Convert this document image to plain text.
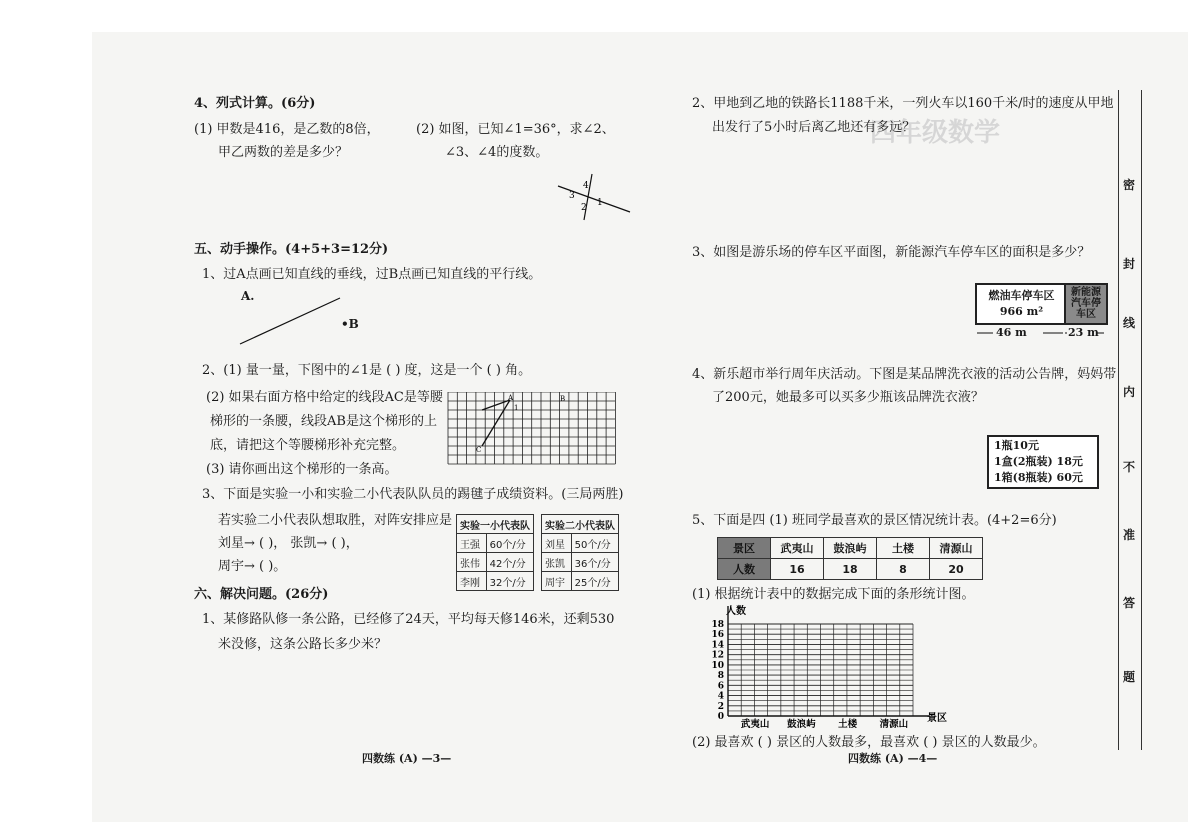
4、列式计算。(6分)
(1) 甲数是416，是乙数的8倍，
甲乙两数的差是多少？
(2) 如图，已知∠1=36°，求∠2、
∠3、∠4的度数。
4
3
2 1
五、动手操作。(4+5+3=12分)
1、过A点画已知直线的垂线，过B点画已知直线的平行线。
A.
•B
2、(1) 量一量，下图中的∠1是 ( ) 度，这是一个 ( ) 角。
(2) 如果右面方格中给定的线段AC是等腰
梯形的一条腰，线段AB是这个梯形的上
底，请把这个等腰梯形补充完整。
(3) 请你画出这个梯形的一条高。
A	B
C
1
3、下面是实验一小和实验二小代表队队员的踢毽子成绩资料。(三局两胜)
若实验二小代表队想取胜，对阵安排应是
刘星→ ( )， 张凯→ ( )，
周宇→ ( )。
实验一小代表队	
王强	60个/分
张伟	42个/分
李刚	32个/分
实验二小代表队	
刘星	50个/分
张凯	36个/分
周宇	25个/分
六、解决问题。(26分)
1、某修路队修一条公路，已经修了24天，平均每天修146米，还剩530
米没修，这条公路长多少米？
四数练 (A) —3—
四年级数学
2、甲地到乙地的铁路长1188千米，一列火车以160千米/时的速度从甲地
出发行了5小时后离乙地还有多远？
3、如图是游乐场的停车区平面图，新能源汽车停车区的面积是多少？
燃油车停车区
966 m²
新能源汽车停车区
46 m	23 m
4、新乐超市举行周年庆活动。下图是某品牌洗衣液的活动公告牌，妈妈带
了200元，她最多可以买多少瓶该品牌洗衣液？
1瓶10元
1盒(2瓶装) 18元
1箱(8瓶装) 60元
5、下面是四 (1) 班同学最喜欢的景区情况统计表。(4+2=6分)
景区	武夷山	鼓浪屿	土楼	清源山
人数	16	18	8	20
(1) 根据统计表中的数据完成下面的条形统计图。
0
2
4
6
8
10
12
14
16
18
人数
景区
武夷山 鼓浪屿 土楼 清源山
(2) 最喜欢 ( ) 景区的人数最多，最喜欢 ( ) 景区的人数最少。
四数练 (A) —4—
密
封
线
内
不
准
答
题
